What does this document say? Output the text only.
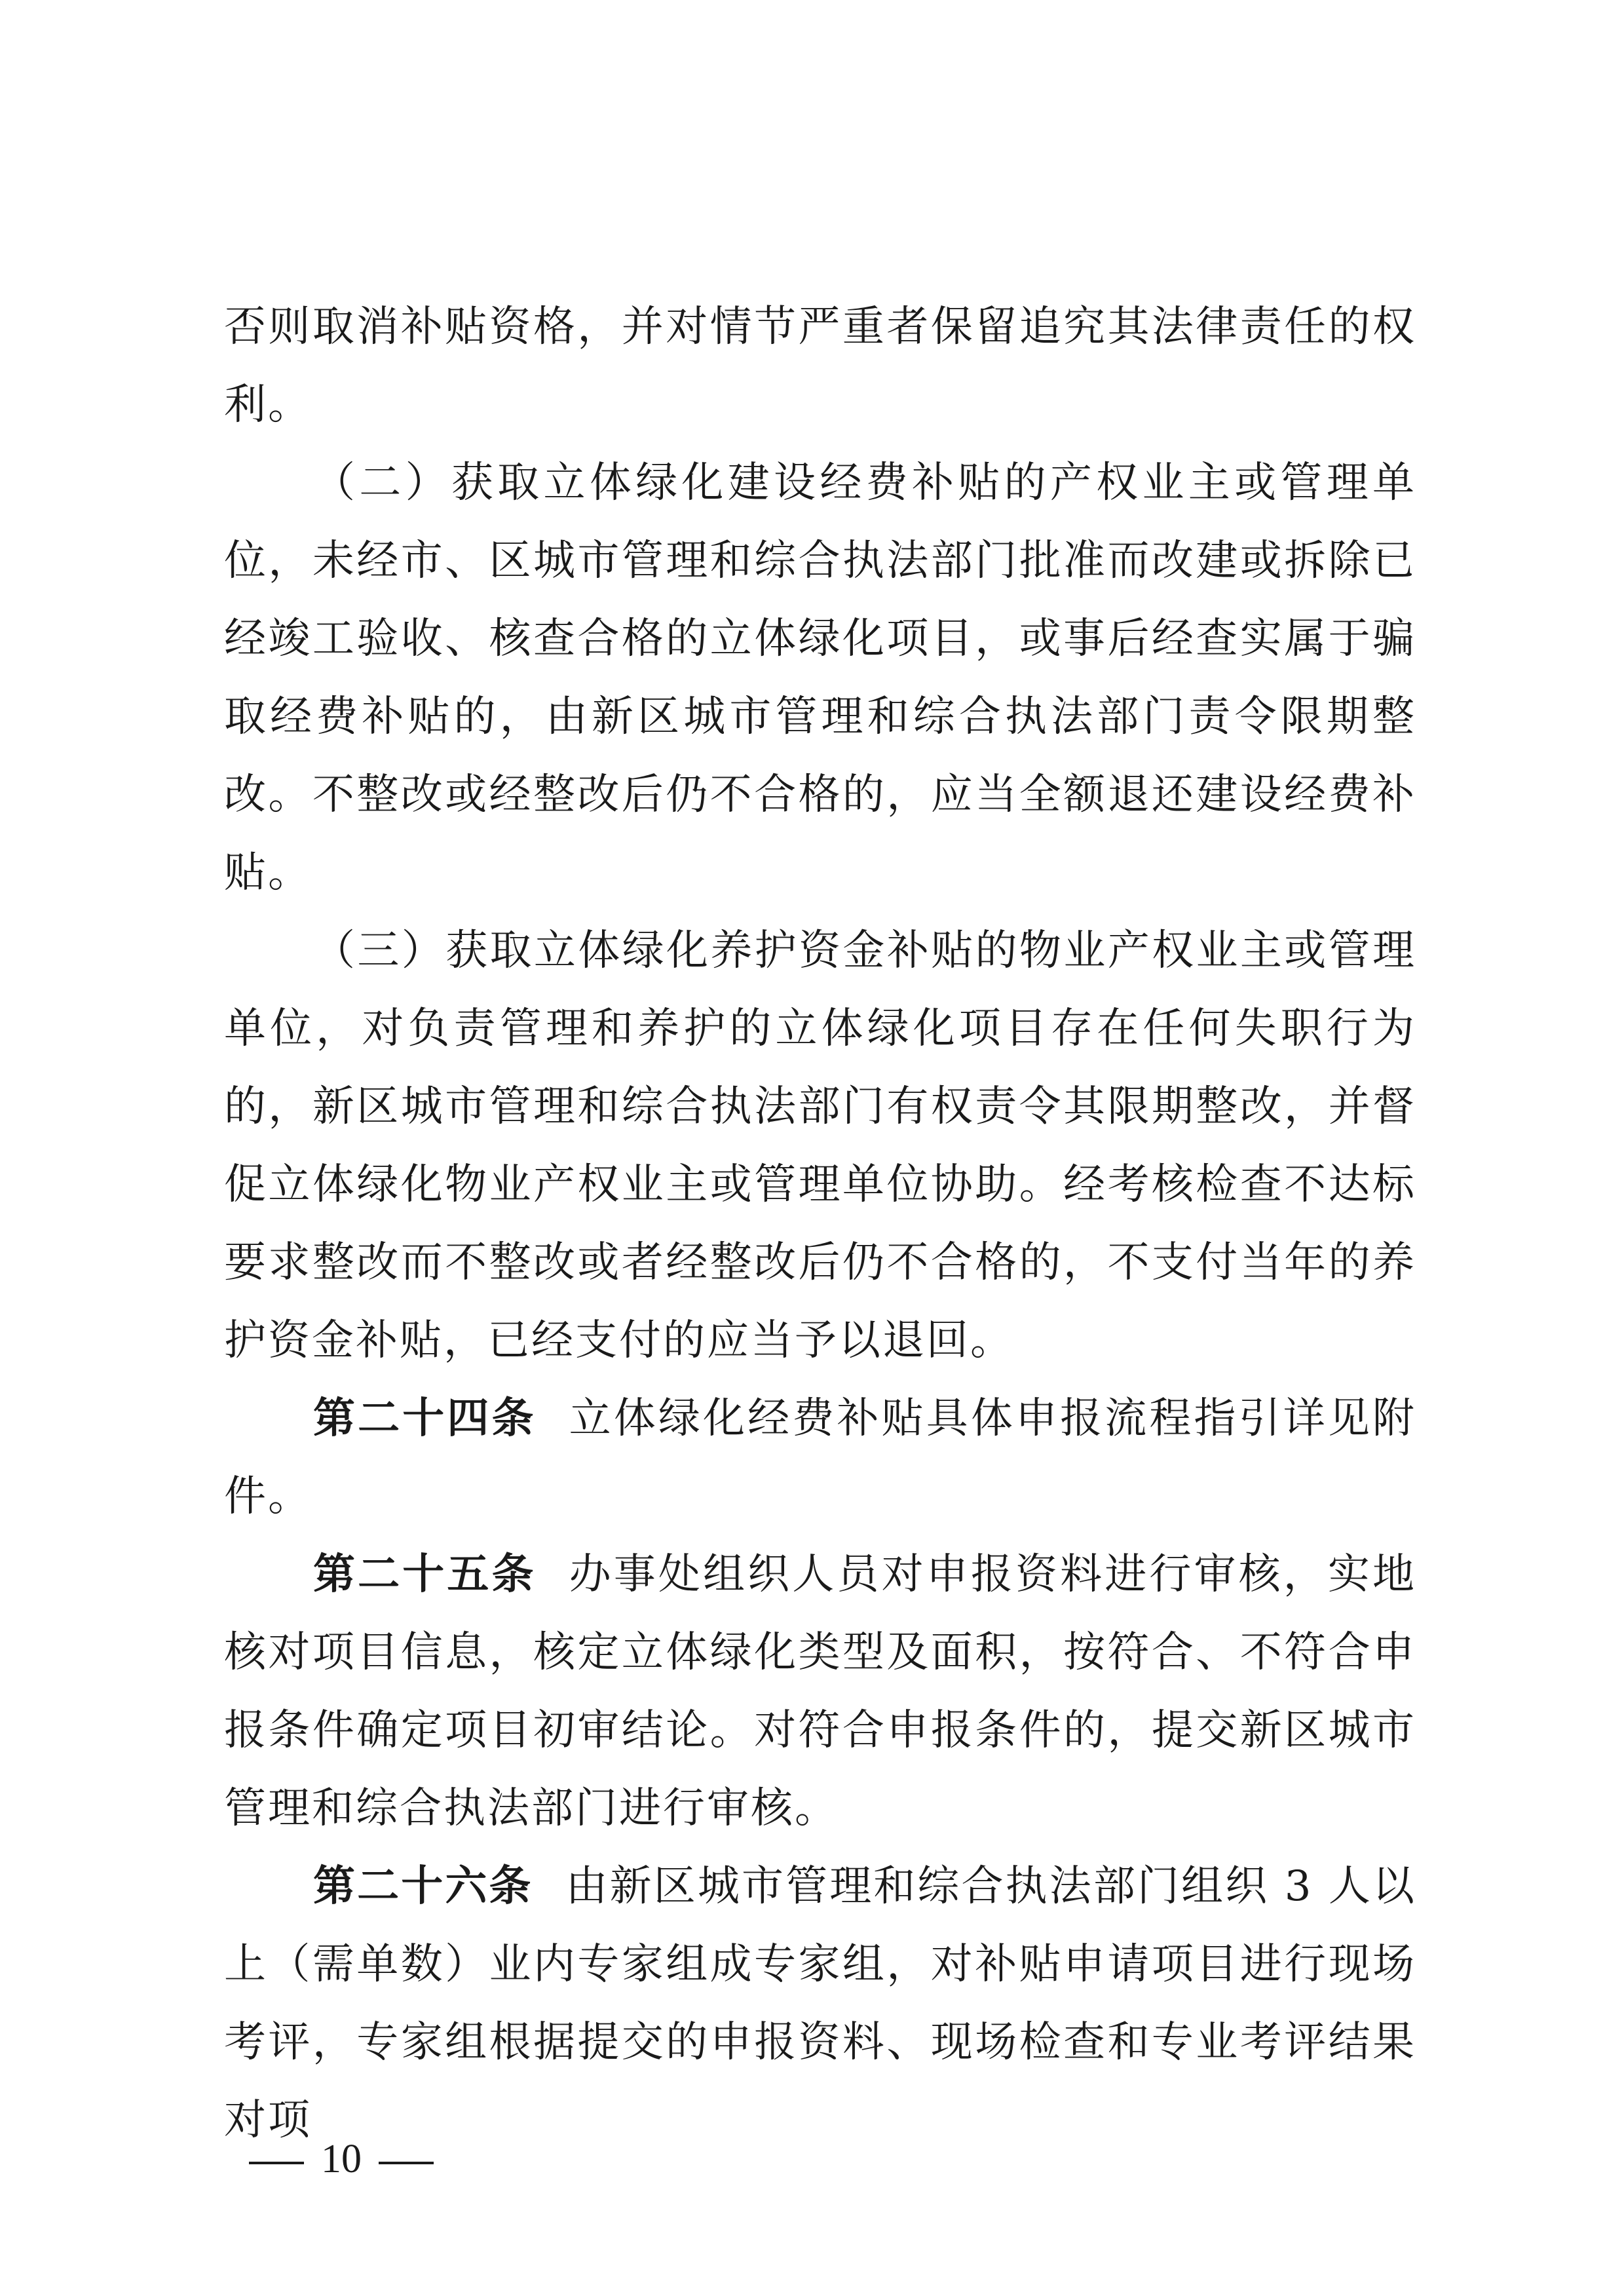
否则取消补贴资格，并对情节严重者保留追究其法律责任的权利。

（二）获取立体绿化建设经费补贴的产权业主或管理单位，未经市、区城市管理和综合执法部门批准而改建或拆除已经竣工验收、核查合格的立体绿化项目，或事后经查实属于骗取经费补贴的，由新区城市管理和综合执法部门责令限期整改。不整改或经整改后仍不合格的，应当全额退还建设经费补贴。

（三）获取立体绿化养护资金补贴的物业产权业主或管理单位，对负责管理和养护的立体绿化项目存在任何失职行为的，新区城市管理和综合执法部门有权责令其限期整改，并督促立体绿化物业产权业主或管理单位协助。经考核检查不达标要求整改而不整改或者经整改后仍不合格的，不支付当年的养护资金补贴，已经支付的应当予以退回。

第二十四条 立体绿化经费补贴具体申报流程指引详见附件。

第二十五条 办事处组织人员对申报资料进行审核，实地核对项目信息，核定立体绿化类型及面积，按符合、不符合申报条件确定项目初审结论。对符合申报条件的，提交新区城市管理和综合执法部门进行审核。

第二十六条 由新区城市管理和综合执法部门组织 3 人以上（需单数）业内专家组成专家组，对补贴申请项目进行现场考评，专家组根据提交的申报资料、现场检查和专业考评结果对项

10
